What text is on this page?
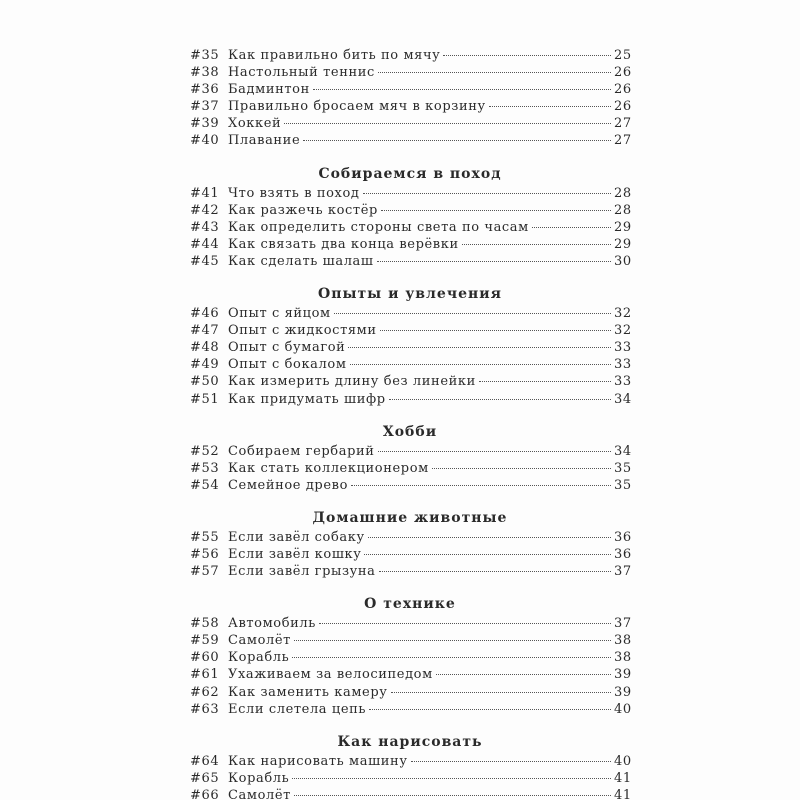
#35 Как правильно бить по мячу	25
#38 Настольный теннис	26
#36 Бадминтон	26
#37 Правильно бросаем мяч в корзину	26
#39 Хоккей	27
#40 Плавание	27
Собираемся в поход
#41 Что взять в поход	28
#42 Как разжечь костёр	28
#43 Как определить стороны света по часам	29
#44 Как связать два конца верёвки	29
#45 Как сделать шалаш	30
Опыты и увлечения
#46 Опыт с яйцом	32
#47 Опыт с жидкостями	32
#48 Опыт с бумагой	33
#49 Опыт с бокалом	33
#50 Как измерить длину без линейки	33
#51 Как придумать шифр	34
Хобби
#52 Собираем гербарий	34
#53 Как стать коллекционером	35
#54 Семейное древо	35
Домашние животные
#55 Если завёл собаку	36
#56 Если завёл кошку	36
#57 Если завёл грызуна	37
О технике
#58 Автомобиль	37
#59 Самолёт	38
#60 Корабль	38
#61 Ухаживаем за велосипедом	39
#62 Как заменить камеру	39
#63 Если слетела цепь	40
Как нарисовать
#64 Как нарисовать машину	40
#65 Корабль	41
#66 Самолёт	41
